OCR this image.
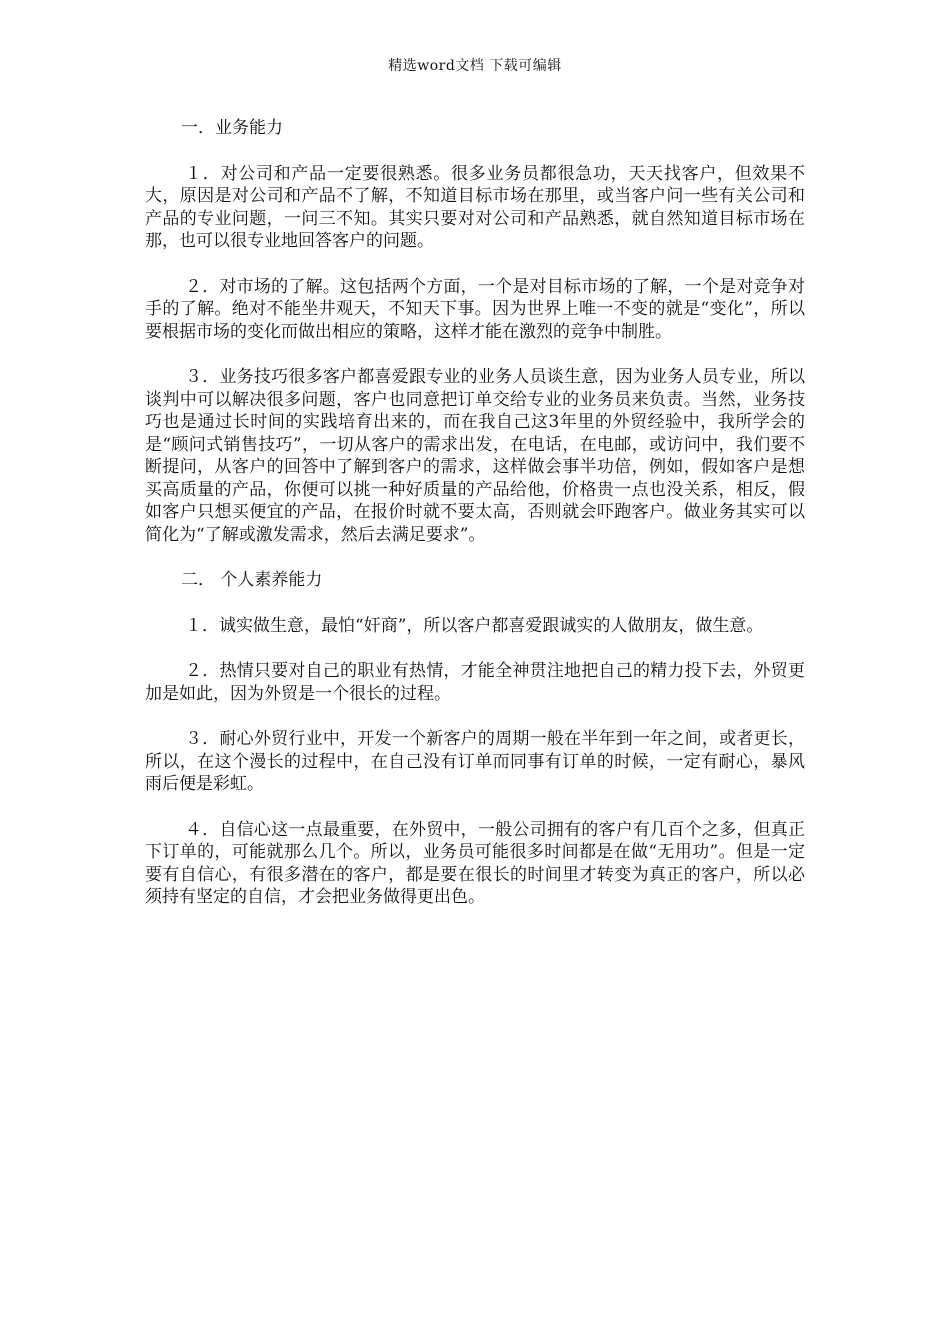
精选word文档 下载可编辑

一．业务能力

１．对公司和产品一定要很熟悉。很多业务员都很急功，天天找客户，但效果不大，原因是对公司和产品不了解，不知道目标市场在那里，或当客户问一些有关公司和产品的专业问题，一问三不知。其实只要对对公司和产品熟悉，就自然知道目标市场在那，也可以很专业地回答客户的问题。

２．对市场的了解。这包括两个方面，一个是对目标市场的了解，一个是对竞争对手的了解。绝对不能坐井观天，不知天下事。因为世界上唯一不变的就是“变化”，所以要根据市场的变化而做出相应的策略，这样才能在激烈的竞争中制胜。

３．业务技巧很多客户都喜爱跟专业的业务人员谈生意，因为业务人员专业，所以谈判中可以解决很多问题，客户也同意把订单交给专业的业务员来负责。当然，业务技巧也是通过长时间的实践培育出来的，而在我自己这3年里的外贸经验中，我所学会的是“顾问式销售技巧”，一切从客户的需求出发，在电话，在电邮，或访问中，我们要不断提问，从客户的回答中了解到客户的需求，这样做会事半功倍，例如，假如客户是想买高质量的产品，你便可以挑一种好质量的产品给他，价格贵一点也没关系，相反，假如客户只想买便宜的产品，在报价时就不要太高，否则就会吓跑客户。做业务其实可以简化为“了解或激发需求，然后去满足要求”。

二． 个人素养能力

１．诚实做生意，最怕“奸商”，所以客户都喜爱跟诚实的人做朋友，做生意。

２．热情只要对自己的职业有热情，才能全神贯注地把自己的精力投下去，外贸更加是如此，因为外贸是一个很长的过程。

３．耐心外贸行业中，开发一个新客户的周期一般在半年到一年之间，或者更长，所以，在这个漫长的过程中，在自己没有订单而同事有订单的时候，一定有耐心，暴风雨后便是彩虹。

４．自信心这一点最重要，在外贸中，一般公司拥有的客户有几百个之多，但真正下订单的，可能就那么几个。所以，业务员可能很多时间都是在做“无用功”。但是一定要有自信心，有很多潜在的客户，都是要在很长的时间里才转变为真正的客户，所以必须持有坚定的自信，才会把业务做得更出色。
